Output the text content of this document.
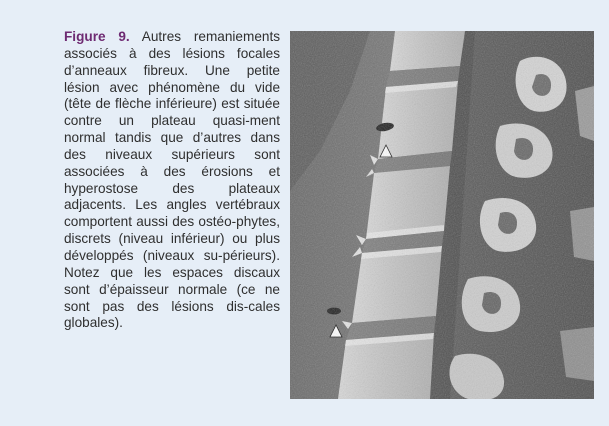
Figure 9. Autres remaniements associés à des lésions focales d’anneaux fibreux. Une petite lésion avec phénomène du vide (tête de flèche inférieure) est située contre un plateau quasi-ment normal tandis que d’autres dans des niveaux supérieurs sont associées à des érosions et hyperostose des plateaux adjacents. Les angles vertébraux comportent aussi des ostéo-phytes, discrets (niveau inférieur) ou plus développés (niveaux su-périeurs). Notez que les espaces discaux sont d’épaisseur normale (ce ne sont pas des lésions dis-cales globales).
